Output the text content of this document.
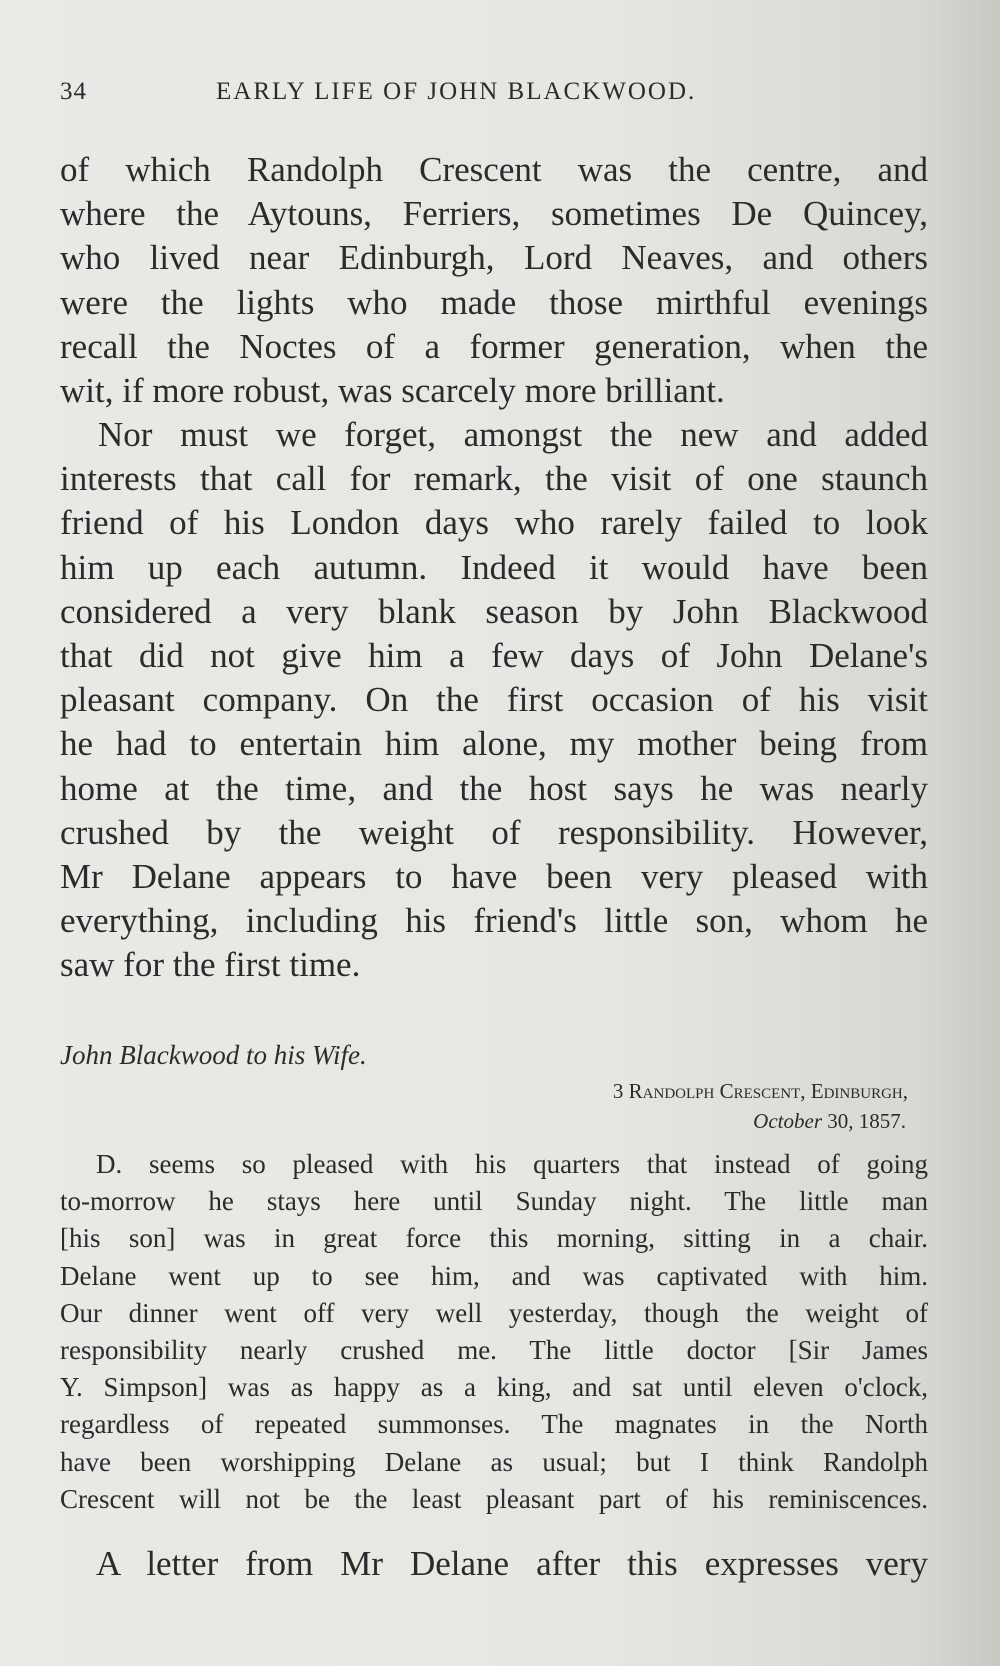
34	EARLY LIFE OF JOHN BLACKWOOD.
of which Randolph Crescent was the centre, and
where the Aytouns, Ferriers, sometimes De Quincey,
who lived near Edinburgh, Lord Neaves, and others
were the lights who made those mirthful evenings
recall the Noctes of a former generation, when the
wit, if more robust, was scarcely more brilliant.
Nor must we forget, amongst the new and added
interests that call for remark, the visit of one staunch
friend of his London days who rarely failed to look
him up each autumn. Indeed it would have been
considered a very blank season by John Blackwood
that did not give him a few days of John Delane's
pleasant company. On the first occasion of his visit
he had to entertain him alone, my mother being from
home at the time, and the host says he was nearly
crushed by the weight of responsibility. However,
Mr Delane appears to have been very pleased with
everything, including his friend's little son, whom he
saw for the first time.
John Blackwood to his Wife.
3 Randolph Crescent, Edinburgh,
October 30, 1857.
D. seems so pleased with his quarters that instead of going
to-morrow he stays here until Sunday night. The little man
[his son] was in great force this morning, sitting in a chair.
Delane went up to see him, and was captivated with him.
Our dinner went off very well yesterday, though the weight of
responsibility nearly crushed me. The little doctor [Sir James
Y. Simpson] was as happy as a king, and sat until eleven o'clock,
regardless of repeated summonses. The magnates in the North
have been worshipping Delane as usual; but I think Randolph
Crescent will not be the least pleasant part of his reminiscences.
A letter from Mr Delane after this expresses very
